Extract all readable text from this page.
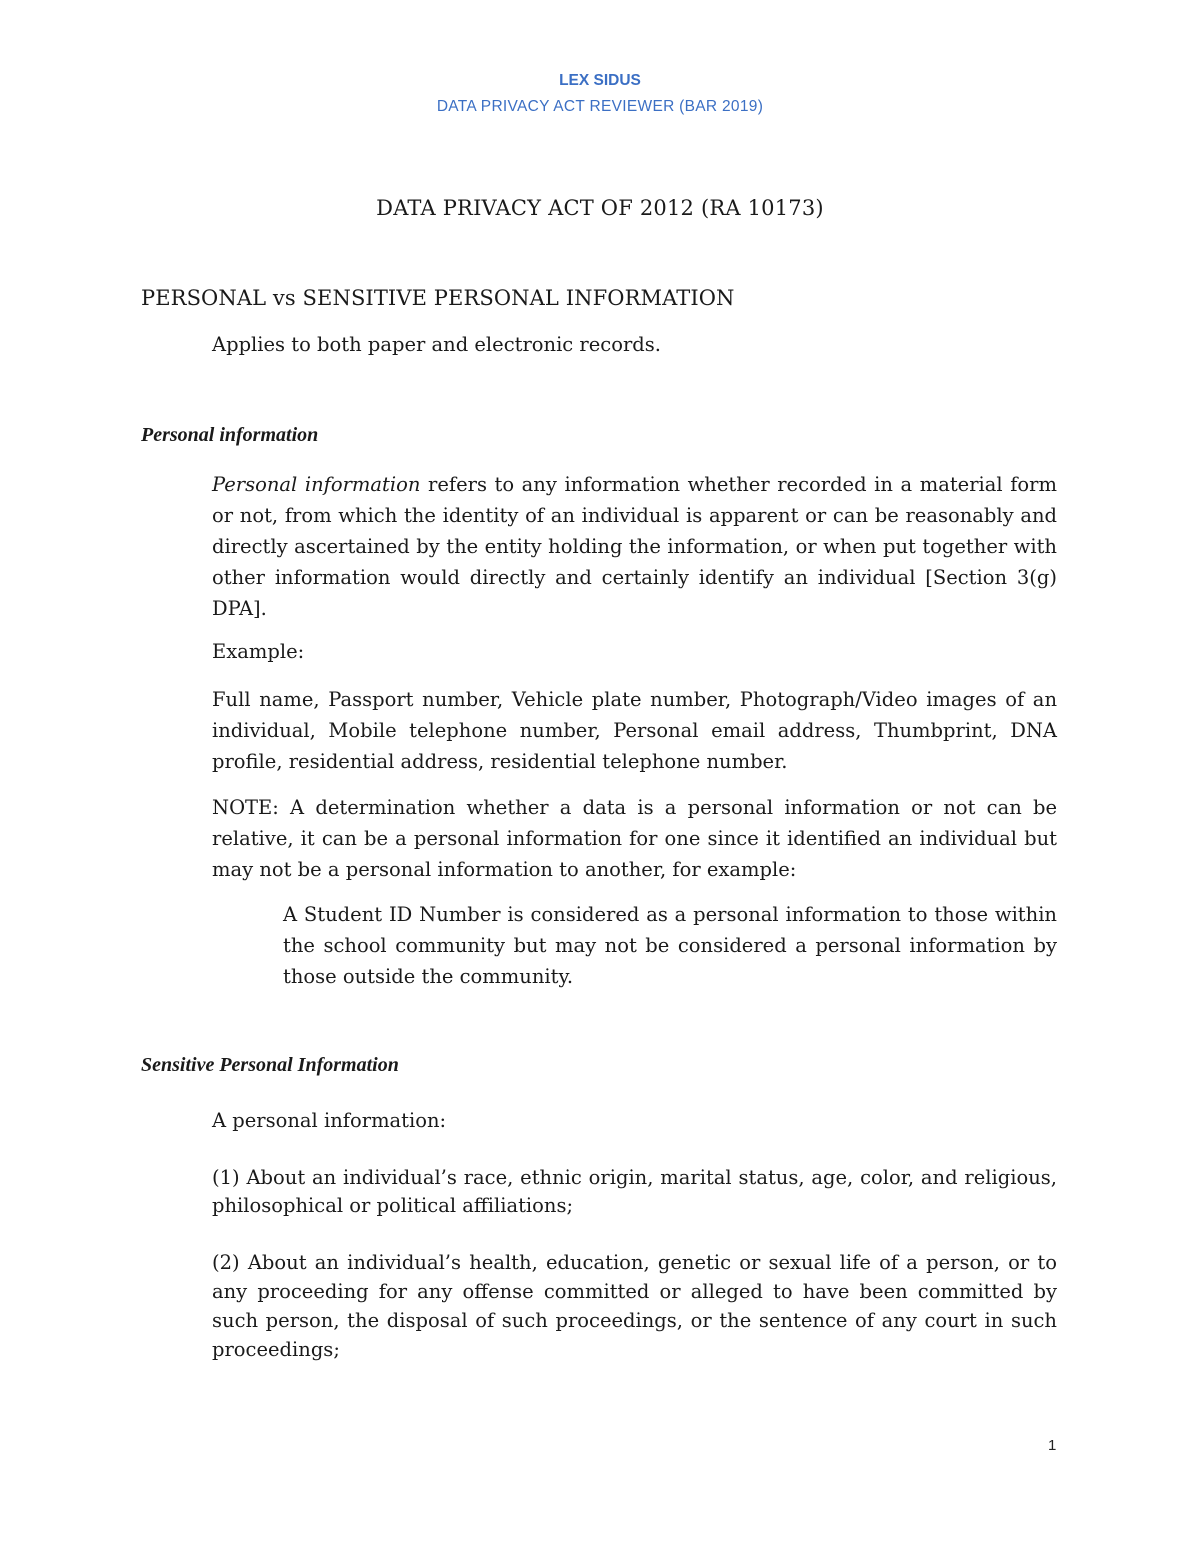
LEX SIDUS
DATA PRIVACY ACT REVIEWER (BAR 2019)
DATA PRIVACY ACT OF 2012 (RA 10173)
PERSONAL vs SENSITIVE PERSONAL INFORMATION
Applies to both paper and electronic records.
Personal information
Personal information refers to any information whether recorded in a material form or not, from which the identity of an individual is apparent or can be reasonably and directly ascertained by the entity holding the information, or when put together with other information would directly and certainly identify an individual [Section 3(g) DPA].
Example:
Full name, Passport number, Vehicle plate number, Photograph/Video images of an individual, Mobile telephone number, Personal email address, Thumbprint, DNA profile, residential address, residential telephone number.
NOTE: A determination whether a data is a personal information or not can be relative, it can be a personal information for one since it identified an individual but may not be a personal information to another, for example:
A Student ID Number is considered as a personal information to those within the school community but may not be considered a personal information by those outside the community.
Sensitive Personal Information
A personal information:
(1) About an individual’s race, ethnic origin, marital status, age, color, and religious, philosophical or political affiliations;
(2) About an individual’s health, education, genetic or sexual life of a person, or to any proceeding for any offense committed or alleged to have been committed by such person, the disposal of such proceedings, or the sentence of any court in such proceedings;
1
